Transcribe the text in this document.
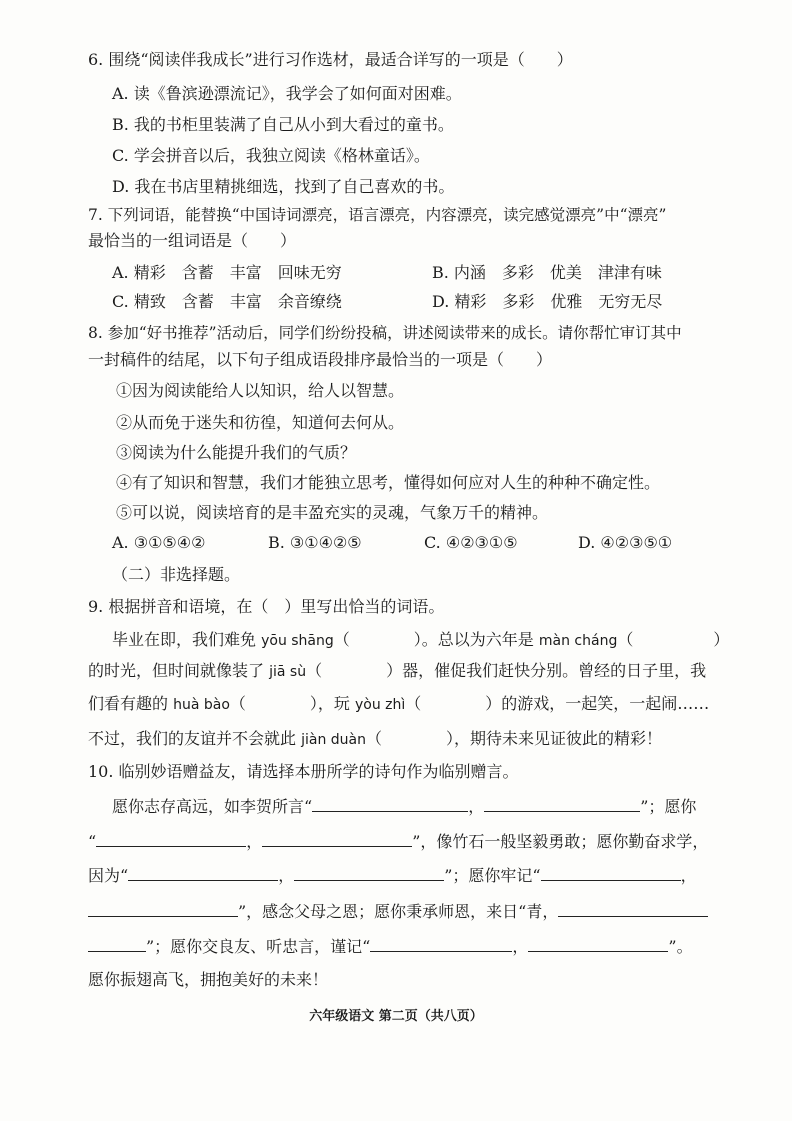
6. 围绕“阅读伴我成长”进行习作选材，最适合详写的一项是（　　）
A. 读《鲁滨逊漂流记》，我学会了如何面对困难。
B. 我的书柜里装满了自己从小到大看过的童书。
C. 学会拼音以后，我独立阅读《格林童话》。
D. 我在书店里精挑细选，找到了自己喜欢的书。
7. 下列词语，能替换“中国诗词漂亮，语言漂亮，内容漂亮，读完感觉漂亮”中“漂亮”
最恰当的一组词语是（　　）
A. 精彩　含蓄　丰富　回味无穷	B. 内涵　多彩　优美　津津有味
C. 精致　含蓄　丰富　余音缭绕	D. 精彩　多彩　优雅　无穷无尽
8. 参加“好书推荐”活动后，同学们纷纷投稿，讲述阅读带来的成长。请你帮忙审订其中
一封稿件的结尾，以下句子组成语段排序最恰当的一项是（　　）
①因为阅读能给人以知识，给人以智慧。
②从而免于迷失和彷徨，知道何去何从。
③阅读为什么能提升我们的气质？
④有了知识和智慧，我们才能独立思考，懂得如何应对人生的种种不确定性。
⑤可以说，阅读培育的是丰盈充实的灵魂，气象万千的精神。
A. ③①⑤④②	B. ③①④②⑤	C. ④②③①⑤	D. ④②③⑤①
（二）非选择题。
9. 根据拼音和语境，在（　）里写出恰当的词语。
毕业在即，我们难免 yōu shāng（　　　　）。总以为六年是 màn cháng（　　　　　）
的时光，但时间就像装了 jiā sù（　　　　）器，催促我们赶快分别。曾经的日子里，我
们看有趣的 huà bào（　　　　），玩 yòu zhì（　　　　）的游戏，一起笑，一起闹……
不过，我们的友谊并不会就此 jiàn duàn（　　　　），期待未来见证彼此的精彩！
10. 临别妙语赠益友，请选择本册所学的诗句作为临别赠言。
愿你志存高远，如李贺所言“	，	”；愿你
“	，	”，像竹石一般坚毅勇敢；愿你勤奋求学，
因为“	，	”；愿你牢记“	，
”，感念父母之恩；愿你秉承师恩，来日“青，
”；愿你交良友、听忠言，谨记“	，	”。
愿你振翅高飞，拥抱美好的未来！
六年级语文 第二页（共八页）
